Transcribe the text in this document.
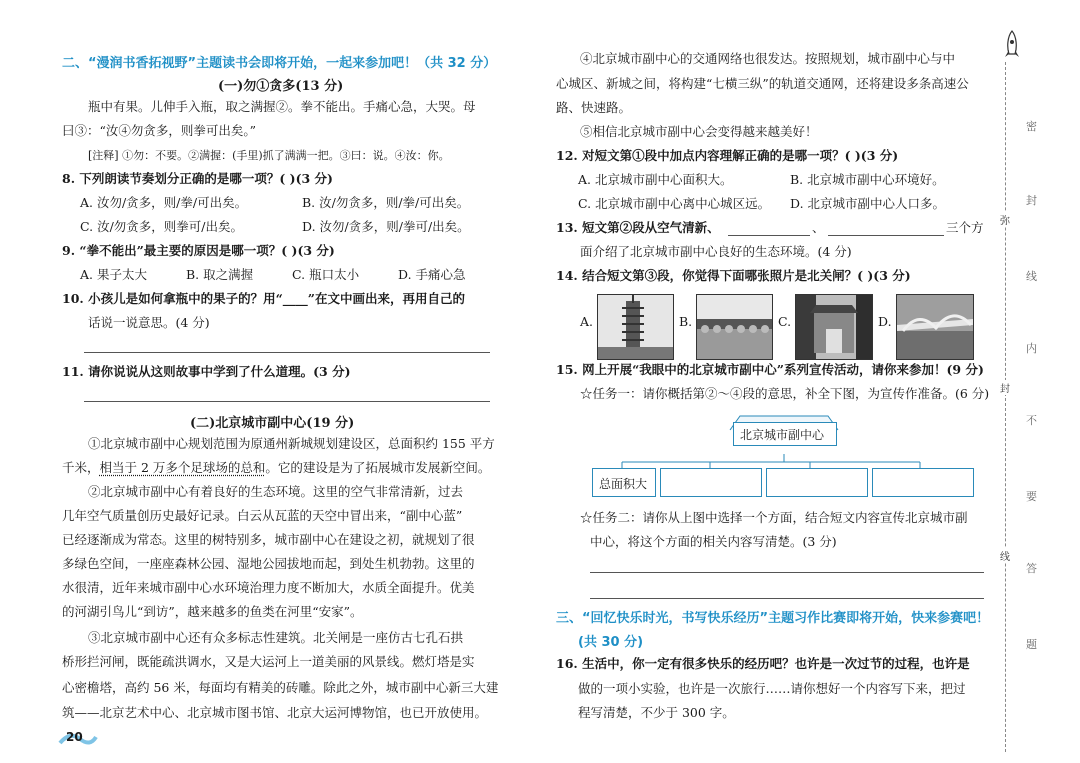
二、“漫润书香拓视野”主题读书会即将开始，一起来参加吧！（共 32 分）
(一)勿①贪多(13 分)
瓶中有果。儿伸手入瓶，取之满握②。拳不能出。手痛心急，大哭。母
曰③：“汝④勿贪多，则拳可出矣。”
[注释] ①勿：不要。②满握：(手里)抓了满满一把。③曰：说。④汝：你。
8. 下列朗读节奏划分正确的是哪一项？( )(3 分)
A. 汝勿/贪多，则/拳/可出矣。	B. 汝/勿贪多，则/拳/可出矣。
C. 汝/勿贪多，则拳可/出矣。	D. 汝勿/贪多，则/拳可/出矣。
9. “拳不能出”最主要的原因是哪一项？( )(3 分)
A. 果子太大	B. 取之满握	C. 瓶口太小	D. 手痛心急
10. 小孩儿是如何拿瓶中的果子的？用“____”在文中画出来，再用自己的
话说一说意思。(4 分)
11. 请你说说从这则故事中学到了什么道理。(3 分)
(二)北京城市副中心(19 分)
①北京城市副中心规划范围为原通州新城规划建设区，总面积约 155 平方
千米，相当于 2 万多个足球场的总和。它的建设是为了拓展城市发展新空间。
②北京城市副中心有着良好的生态环境。这里的空气非常清新，过去
几年空气质量创历史最好记录。白云从瓦蓝的天空中冒出来，“副中心蓝”
已经逐渐成为常态。这里的树特别多，城市副中心在建设之初，就规划了很
多绿色空间，一座座森林公园、湿地公园拔地而起，到处生机勃勃。这里的
水很清，近年来城市副中心水环境治理力度不断加大，水质全面提升。优美
的河湖引鸟儿“到访”，越来越多的鱼类在河里“安家”。
③北京城市副中心还有众多标志性建筑。北关闸是一座仿古七孔石拱
桥形拦河闸，既能疏洪调水，又是大运河上一道美丽的风景线。燃灯塔是实
心密檐塔，高约 56 米，每面均有精美的砖雕。除此之外，城市副中心新三大建
筑——北京艺术中心、北京城市图书馆、北京大运河博物馆，也已开放使用。
20
④北京城市副中心的交通网络也很发达。按照规划，城市副中心与中
心城区、新城之间，将构建“七横三纵”的轨道交通网，还将建设多条高速公
路、快速路。
⑤相信北京城市副中心会变得越来越美好！
12. 对短文第①段中加点内容理解正确的是哪一项？( )(3 分)
A. 北京城市副中心面积大。	B. 北京城市副中心环境好。
C. 北京城市副中心离中心城区远。 D. 北京城市副中心人口多。
13. 短文第②段从空气清新、	、	三个方
面介绍了北京城市副中心良好的生态环境。(4 分)
14. 结合短文第③段，你觉得下面哪张照片是北关闸？( )(3 分)
A.	B.	C.	D.
15. 网上开展“我眼中的北京城市副中心”系列宣传活动，请你来参加！(9 分)
☆任务一：请你概括第②～④段的意思，补全下图，为宣传作准备。(6 分)
北京城市副中心
总面积大
☆任务二：请你从上图中选择一个方面，结合短文内容宣传北京城市副
中心，将这个方面的相关内容写清楚。(3 分)
三、“回忆快乐时光，书写快乐经历”主题习作比赛即将开始，快来参赛吧！
(共 30 分)
16. 生活中，你一定有很多快乐的经历吧？也许是一次过节的过程，也许是
做的一项小实验，也许是一次旅行……请你想好一个内容写下来，把过
程写清楚，不少于 300 字。
密
封
线
内
不
要
答
题
弥
封
线
